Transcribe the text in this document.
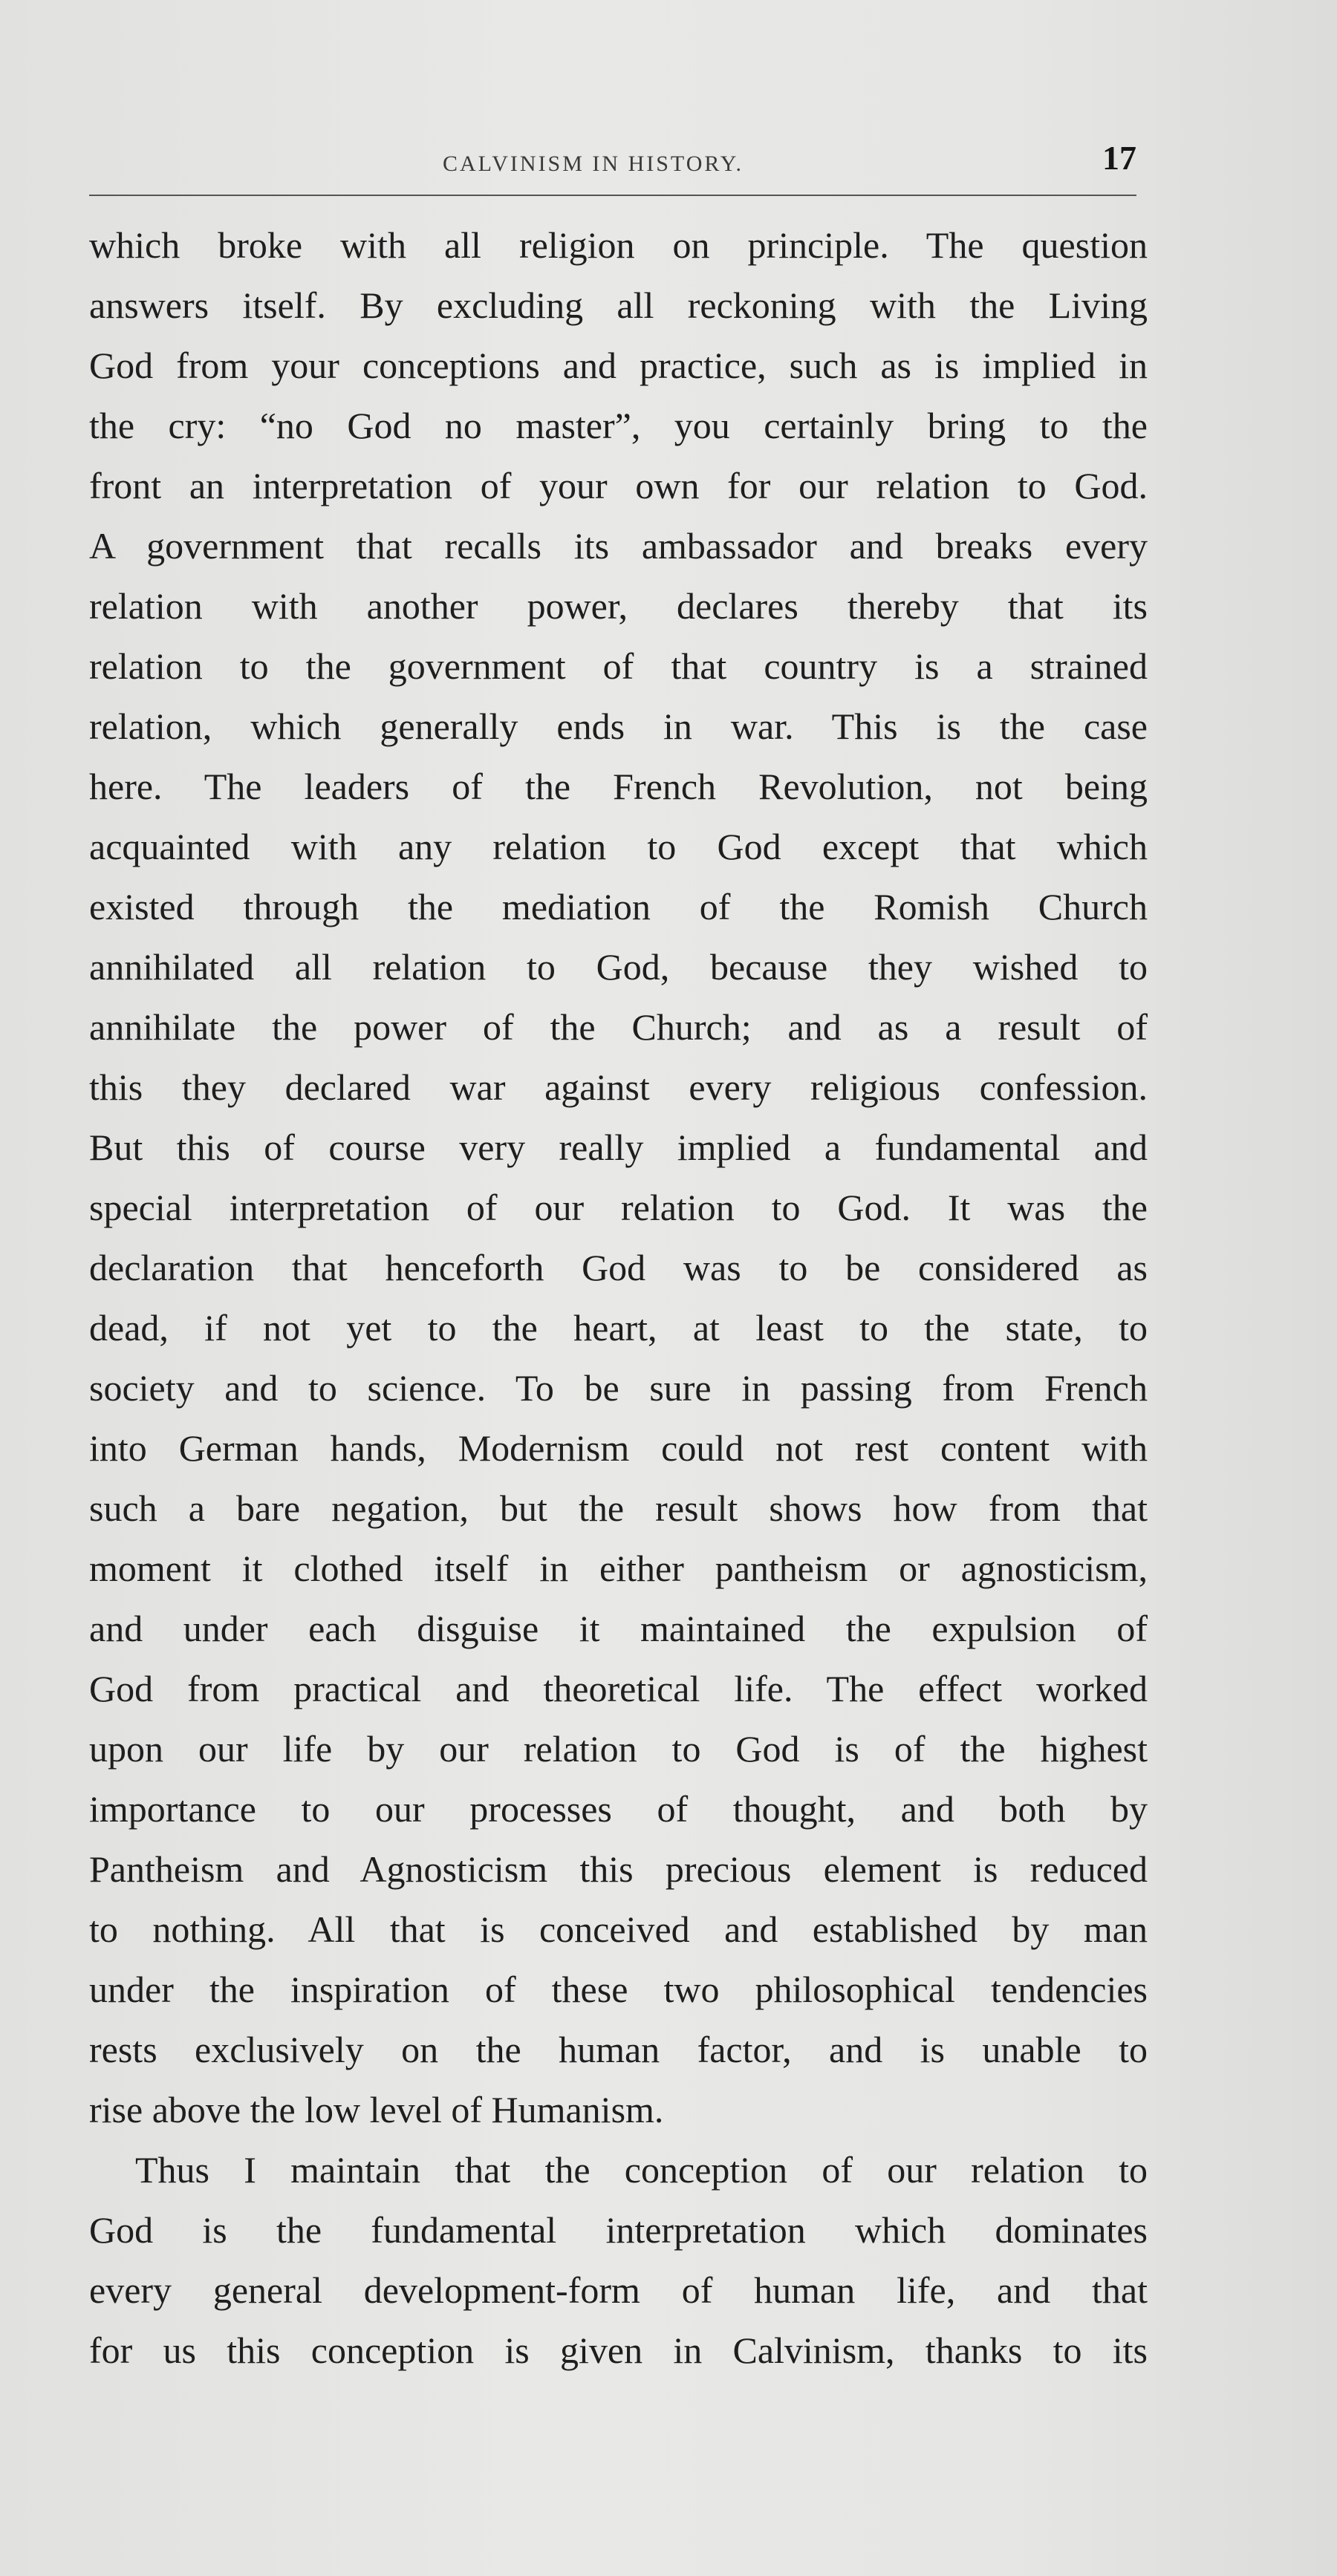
CALVINISM IN HISTORY.	17
which broke with all religion on principle. The question
answers itself. By excluding all reckoning with the Living
God from your conceptions and practice, such as is implied in
the cry: “no God no master”, you certainly bring to the
front an interpretation of your own for our relation to God.
A government that recalls its ambassador and breaks every
relation with another power, declares thereby that its
relation to the government of that country is a strained
relation, which generally ends in war. This is the case
here. The leaders of the French Revolution, not being
acquainted with any relation to God except that which
existed through the mediation of the Romish Church
annihilated all relation to God, because they wished to
annihilate the power of the Church; and as a result of
this they declared war against every religious confession.
But this of course very really implied a fundamental and
special interpretation of our relation to God. It was the
declaration that henceforth God was to be considered as
dead, if not yet to the heart, at least to the state, to
society and to science. To be sure in passing from French
into German hands, Modernism could not rest content with
such a bare negation, but the result shows how from that
moment it clothed itself in either pantheism or agnosticism,
and under each disguise it maintained the expulsion of
God from practical and theoretical life. The effect worked
upon our life by our relation to God is of the highest
importance to our processes of thought, and both by
Pantheism and Agnosticism this precious element is reduced
to nothing. All that is conceived and established by man
under the inspiration of these two philosophical tendencies
rests exclusively on the human factor, and is unable to
rise above the low level of Humanism.
Thus I maintain that the conception of our relation to
God is the fundamental interpretation which dominates
every general development-form of human life, and that
for us this conception is given in Calvinism, thanks to its
